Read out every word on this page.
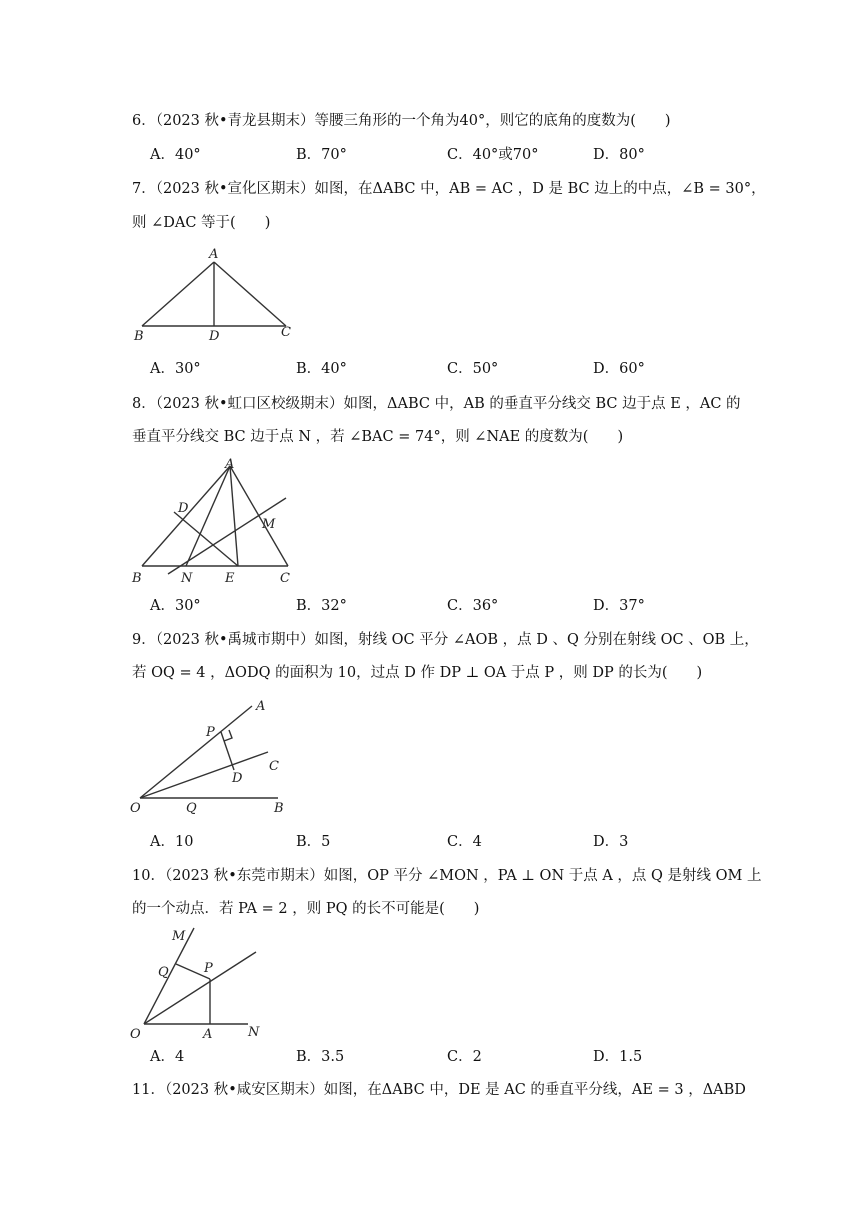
6．（2023 秋•青龙县期末）等腰三角形的一个角为40°，则它的底角的度数为(　　)
A．40°	B．70°	C．40°或70°	D．80°
7．（2023 秋•宣化区期末）如图，在ΔABC 中，AB = AC ，D 是 BC 边上的中点，∠B = 30°，
则 ∠DAC 等于(　　)
A
B	D	C
A．30°	B．40°	C．50°	D．60°
8．（2023 秋•虹口区校级期末）如图，ΔABC 中，AB 的垂直平分线交 BC 边于点 E ，AC 的
垂直平分线交 BC 边于点 N ，若 ∠BAC = 74°，则 ∠NAE 的度数为(　　)
A
D
M
B	N	E	C
A．30°	B．32°	C．36°	D．37°
9．（2023 秋•禹城市期中）如图，射线 OC 平分 ∠AOB ，点 D 、Q 分别在射线 OC 、OB 上，
若 OQ = 4 ，ΔODQ 的面积为 10，过点 D 作 DP ⊥ OA 于点 P ，则 DP 的长为(　　)
A
P
C
D
O	Q	B
A．10	B．5	C．4	D．3
10．（2023 秋•东莞市期末）如图，OP 平分 ∠MON ，PA ⊥ ON 于点 A ，点 Q 是射线 OM 上
的一个动点．若 PA = 2 ，则 PQ 的长不可能是(　　)
M
Q	P
O	A	N
A．4	B．3.5	C．2	D．1.5
11．（2023 秋•咸安区期末）如图，在ΔABC 中，DE 是 AC 的垂直平分线，AE = 3 ，ΔABD
